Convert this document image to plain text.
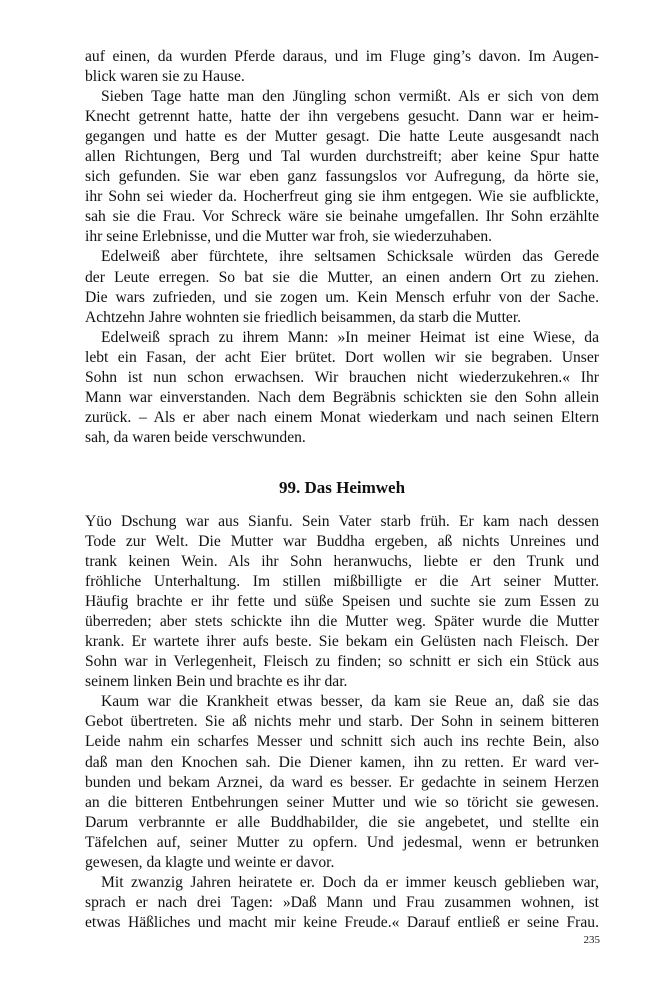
auf einen, da wurden Pferde daraus, und im Fluge ging’s davon. Im Augen-
blick waren sie zu Hause.
Sieben Tage hatte man den Jüngling schon vermißt. Als er sich von dem
Knecht getrennt hatte, hatte der ihn vergebens gesucht. Dann war er heim-
gegangen und hatte es der Mutter gesagt. Die hatte Leute ausgesandt nach
allen Richtungen, Berg und Tal wurden durchstreift; aber keine Spur hatte
sich gefunden. Sie war eben ganz fassungslos vor Aufregung, da hörte sie,
ihr Sohn sei wieder da. Hocherfreut ging sie ihm entgegen. Wie sie aufblickte,
sah sie die Frau. Vor Schreck wäre sie beinahe umgefallen. Ihr Sohn erzählte
ihr seine Erlebnisse, und die Mutter war froh, sie wiederzuhaben.
Edelweiß aber fürchtete, ihre seltsamen Schicksale würden das Gerede
der Leute erregen. So bat sie die Mutter, an einen andern Ort zu ziehen.
Die wars zufrieden, und sie zogen um. Kein Mensch erfuhr von der Sache.
Achtzehn Jahre wohnten sie friedlich beisammen, da starb die Mutter.
Edelweiß sprach zu ihrem Mann: »In meiner Heimat ist eine Wiese, da
lebt ein Fasan, der acht Eier brütet. Dort wollen wir sie begraben. Unser
Sohn ist nun schon erwachsen. Wir brauchen nicht wiederzukehren.« Ihr
Mann war einverstanden. Nach dem Begräbnis schickten sie den Sohn allein
zurück. – Als er aber nach einem Monat wiederkam und nach seinen Eltern
sah, da waren beide verschwunden.
99. Das Heimweh
Yüo Dschung war aus Sianfu. Sein Vater starb früh. Er kam nach dessen
Tode zur Welt. Die Mutter war Buddha ergeben, aß nichts Unreines und
trank keinen Wein. Als ihr Sohn heranwuchs, liebte er den Trunk und
fröhliche Unterhaltung. Im stillen mißbilligte er die Art seiner Mutter.
Häufig brachte er ihr fette und süße Speisen und suchte sie zum Essen zu
überreden; aber stets schickte ihn die Mutter weg. Später wurde die Mutter
krank. Er wartete ihrer aufs beste. Sie bekam ein Gelüsten nach Fleisch. Der
Sohn war in Verlegenheit, Fleisch zu finden; so schnitt er sich ein Stück aus
seinem linken Bein und brachte es ihr dar.
Kaum war die Krankheit etwas besser, da kam sie Reue an, daß sie das
Gebot übertreten. Sie aß nichts mehr und starb. Der Sohn in seinem bitteren
Leide nahm ein scharfes Messer und schnitt sich auch ins rechte Bein, also
daß man den Knochen sah. Die Diener kamen, ihn zu retten. Er ward ver-
bunden und bekam Arznei, da ward es besser. Er gedachte in seinem Herzen
an die bitteren Entbehrungen seiner Mutter und wie so töricht sie gewesen.
Darum verbrannte er alle Buddhabilder, die sie angebetet, und stellte ein
Täfelchen auf, seiner Mutter zu opfern. Und jedesmal, wenn er betrunken
gewesen, da klagte und weinte er davor.
Mit zwanzig Jahren heiratete er. Doch da er immer keusch geblieben war,
sprach er nach drei Tagen: »Daß Mann und Frau zusammen wohnen, ist
etwas Häßliches und macht mir keine Freude.« Darauf entließ er seine Frau.
235
